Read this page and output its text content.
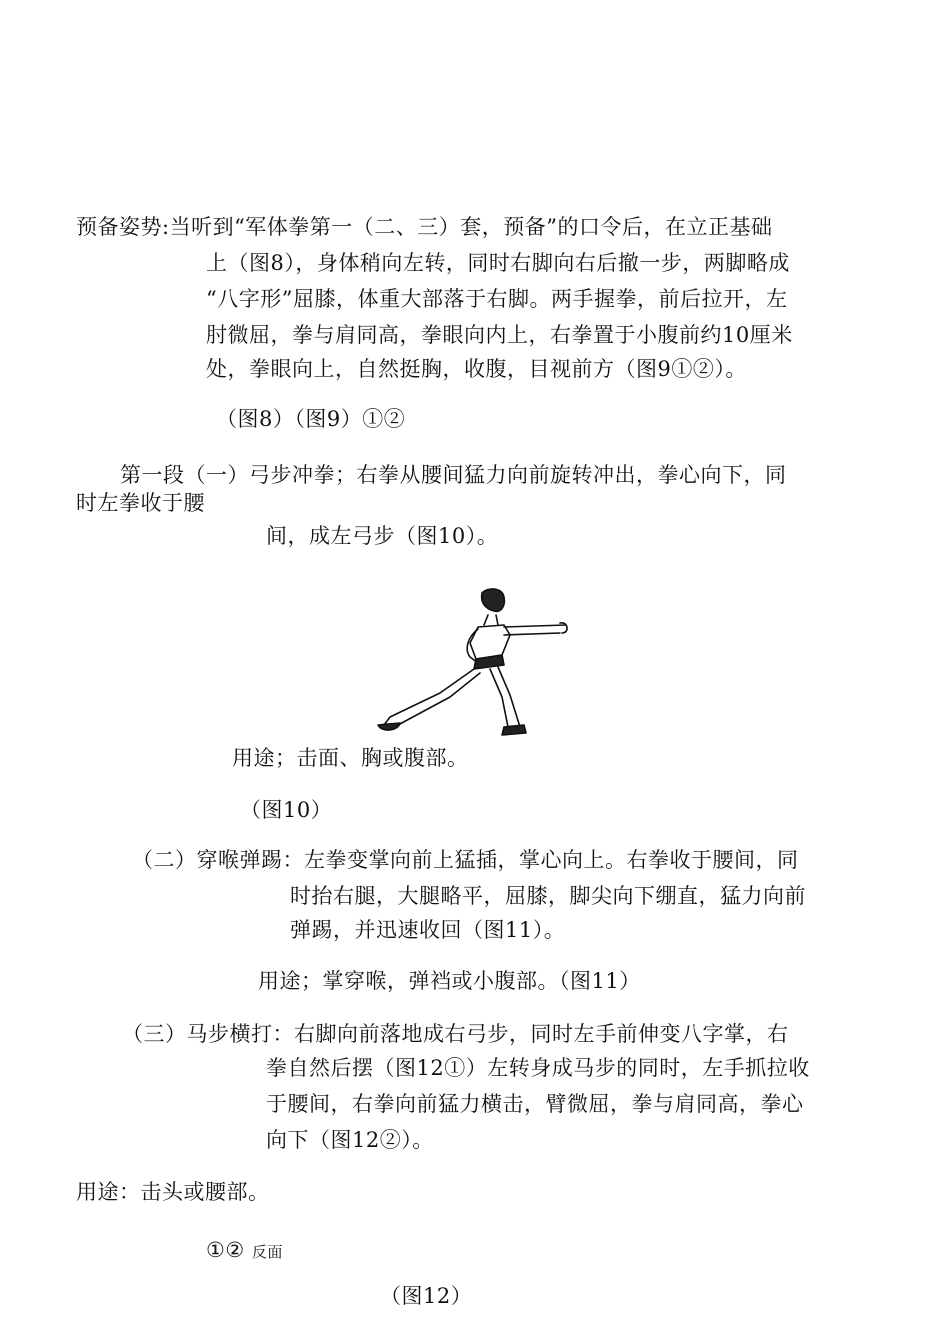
预备姿势:当听到“军体拳第一（二、三）套，预备”的口令后，在立正基础
上（图8），身体稍向左转，同时右脚向右后撤一步，两脚略成
“八字形”屈膝，体重大部落于右脚。两手握拳，前后拉开，左
肘微屈，拳与肩同高，拳眼向内上，右拳置于小腹前约10厘米
处，拳眼向上，自然挺胸，收腹，目视前方（图9①②）。
（图8）（图9）①②
第一段（一）弓步冲拳；右拳从腰间猛力向前旋转冲出，拳心向下，同
时左拳收于腰
间，成左弓步（图10）。
用途；击面、胸或腹部。
（图10）
（二）穿喉弹踢：左拳变掌向前上猛插，掌心向上。右拳收于腰间，同
时抬右腿，大腿略平，屈膝，脚尖向下绷直，猛力向前
弹踢，并迅速收回（图11）。
用途；掌穿喉，弹裆或小腹部。（图11）
（三）马步横打：右脚向前落地成右弓步，同时左手前伸变八字掌，右
拳自然后摆（图12①）左转身成马步的同时，左手抓拉收
于腰间，右拳向前猛力横击，臂微屈，拳与肩同高，拳心
向下（图12②）。
用途：击头或腰部。
①② 反面
（图12）
